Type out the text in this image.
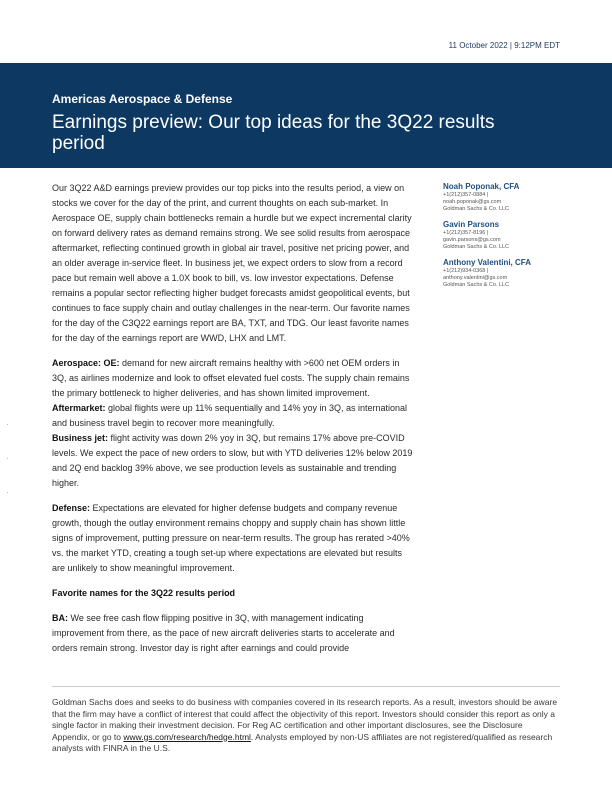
11 October 2022 | 9:12PM EDT
Americas Aerospace & Defense
Earnings preview: Our top ideas for the 3Q22 results period

Our 3Q22 A&D earnings preview provides our top picks into the results period, a view on stocks we cover for the day of the print, and current thoughts on each sub-market. In Aerospace OE, supply chain bottlenecks remain a hurdle but we expect incremental clarity on forward delivery rates as demand remains strong. We see solid results from aerospace aftermarket, reflecting continued growth in global air travel, positive net pricing power, and an older average in-service fleet. In business jet, we expect orders to slow from a record pace but remain well above a 1.0X book to bill, vs. low investor expectations. Defense remains a popular sector reflecting higher budget forecasts amidst geopolitical events, but continues to face supply chain and outlay challenges in the near-term. Our favorite names for the day of the C3Q22 earnings report are BA, TXT, and TDG. Our least favorite names for the day of the earnings report are WWD, LHX and LMT.

Aerospace: OE: demand for new aircraft remains healthy with >600 net OEM orders in 3Q, as airlines modernize and look to offset elevated fuel costs. The supply chain remains the primary bottleneck to higher deliveries, and has shown limited improvement. Aftermarket: global flights were up 11% sequentially and 14% yoy in 3Q, as international and business travel begin to recover more meaningfully.
Business jet: flight activity was down 2% yoy in 3Q, but remains 17% above pre-COVID levels. We expect the pace of new orders to slow, but with YTD deliveries 12% below 2019 and 2Q end backlog 39% above, we see production levels as sustainable and trending higher.

Defense: Expectations are elevated for higher defense budgets and company revenue growth, though the outlay environment remains choppy and supply chain has shown little signs of improvement, putting pressure on near-term results. The group has rerated >40% vs. the market YTD, creating a tough set-up where expectations are elevated but results are unlikely to show meaningful improvement.

Favorite names for the 3Q22 results period

BA: We see free cash flow flipping positive in 3Q, with management indicating improvement from there, as the pace of new aircraft deliveries starts to accelerate and orders remain strong. Investor day is right after earnings and could provide

Noah Poponak, CFA
+1(212)357-0884 |
noah.poponak@gs.com
Goldman Sachs & Co. LLC
Gavin Parsons
+1(212)357-8196 |
gavin.parsons@gs.com
Goldman Sachs & Co. LLC
Anthony Valentini, CFA
+1(212)934-0368 |
anthony.valentini@gs.com
Goldman Sachs & Co. LLC
Goldman Sachs does and seeks to do business with companies covered in its research reports. As a result, investors should be aware that the firm may have a conflict of interest that could affect the objectivity of this report. Investors should consider this report as only a single factor in making their investment decision. For Reg AC certification and other important disclosures, see the Disclosure Appendix, or go to www.gs.com/research/hedge.html. Analysts employed by non-US affiliates are not registered/qualified as research analysts with FINRA in the U.S.
